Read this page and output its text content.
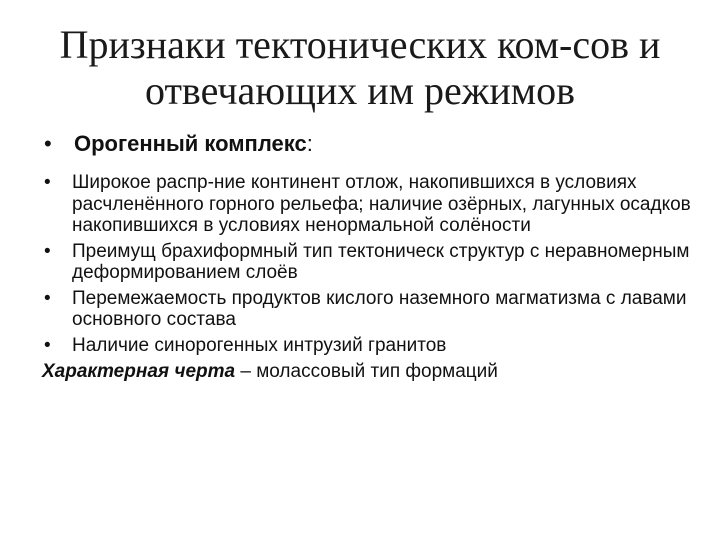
Признаки тектонических ком-сов и
отвечающих им режимов
• Орогенный комплекс:
• Широкое распр-ние континент отлож, накопившихся в условиях расчленённого горного рельефа; наличие озёрных, лагунных осадков накопившихся в условиях ненормальной солёности
• Преимущ брахиформный тип тектоническ структур с неравномерным деформированием слоёв
• Перемежаемость продуктов кислого наземного магматизма с лавами основного состава
• Наличие синорогенных интрузий гранитов
Характерная черта – молассовый тип формаций
